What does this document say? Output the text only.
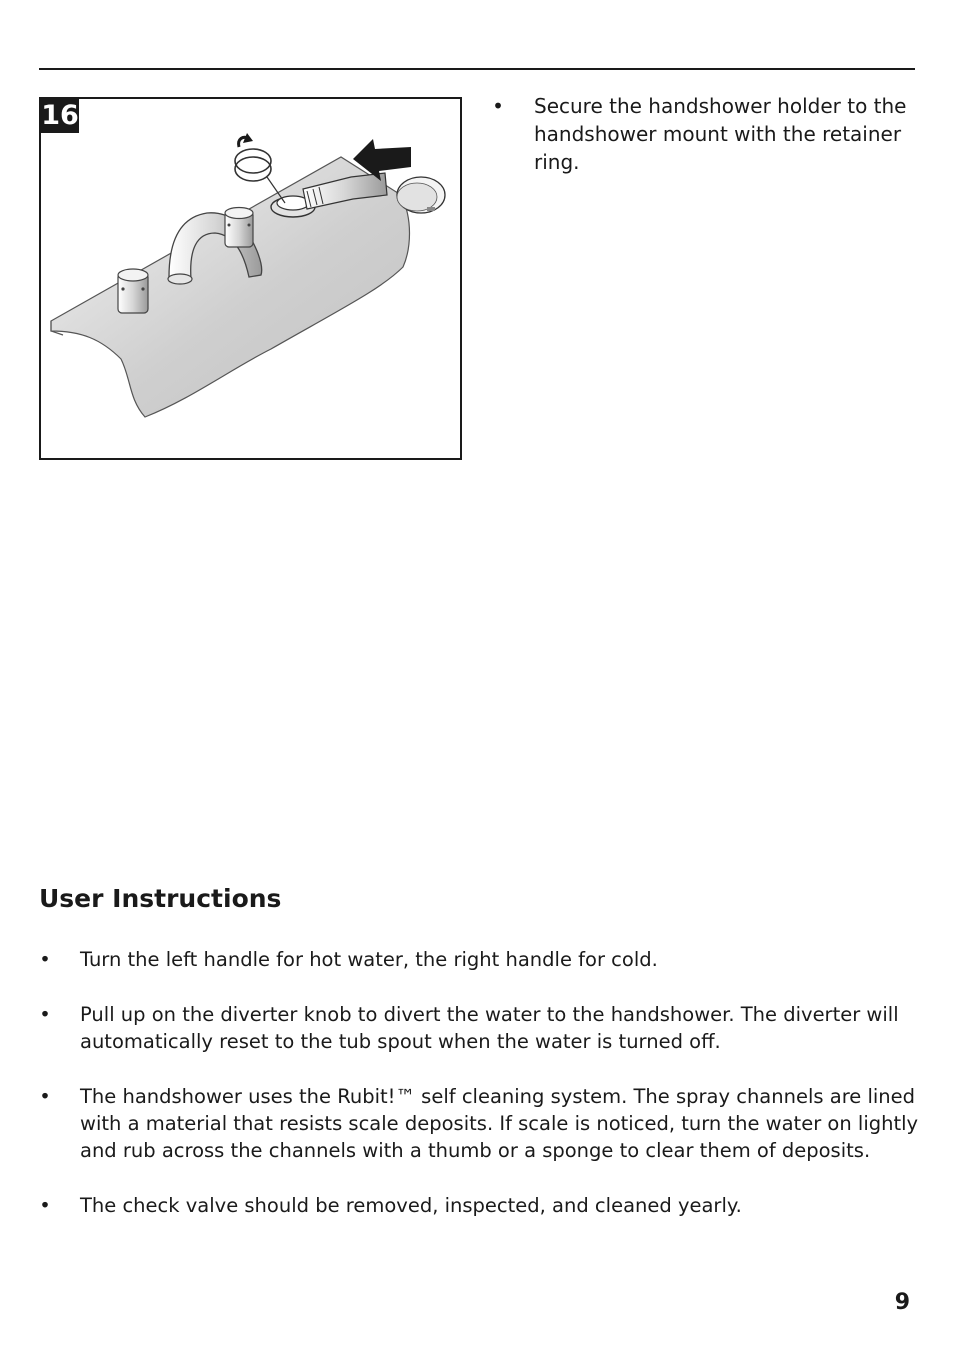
16	• Secure the handshower holder to the handshower mount with the retainer ring.
User Instructions
• Turn the left handle for hot water, the right handle for cold.
• Pull up on the diverter knob to divert the water to the handshower. The diverter will automatically reset to the tub spout when the water is turned off.
• The handshower uses the Rubit!™ self cleaning system. The spray channels are lined with a material that resists scale deposits. If scale is noticed, turn the water on lightly and rub across the channels with a thumb or a sponge to clear them of deposits.
• The check valve should be removed, inspected, and cleaned yearly.
9
